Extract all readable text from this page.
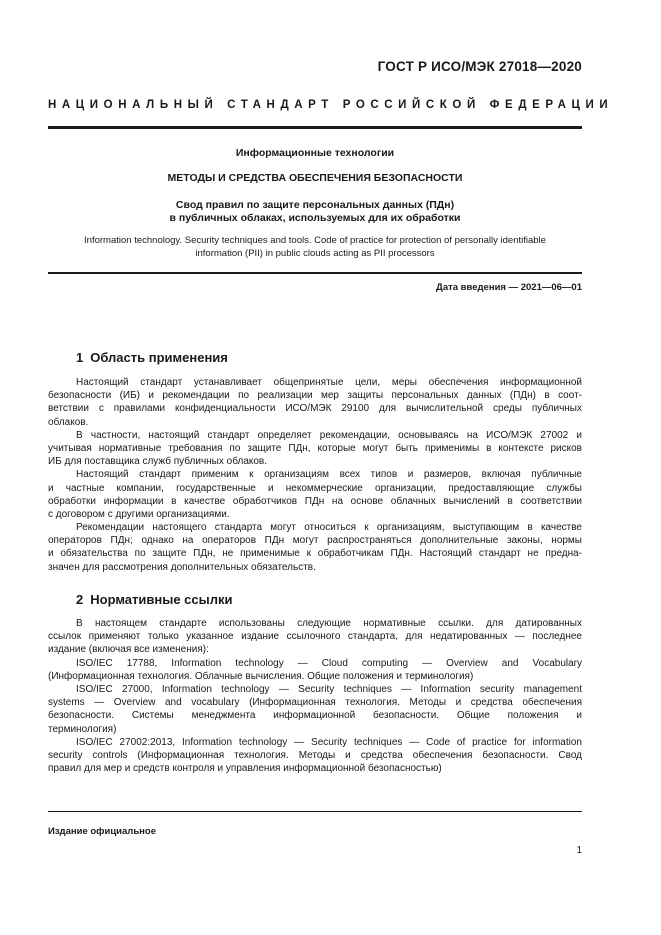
ГОСТ Р ИСО/МЭК 27018—2020
НАЦИОНАЛЬНЫЙ СТАНДАРТ РОССИЙСКОЙ ФЕДЕРАЦИИ
Информационные технологии
МЕТОДЫ И СРЕДСТВА ОБЕСПЕЧЕНИЯ БЕЗОПАСНОСТИ
Свод правил по защите персональных данных (ПДн)
в публичных облаках, используемых для их обработки
Information technology. Security techniques and tools. Code of practice for protection of personally identifiable
information (PII) in public clouds acting as PII processors
Дата введения — 2021—06—01
1 Область применения
Настоящий стандарт устанавливает общепринятые цели, меры обеспечения информационной
безопасности (ИБ) и рекомендации по реализации мер защиты персональных данных (ПДн) в соот-
ветствии с правилами конфиденциальности ИСО/МЭК 29100 для вычислительной среды публичных
облаков.
В частности, настоящий стандарт определяет рекомендации, основываясь на ИСО/МЭК 27002 и
учитывая нормативные требования по защите ПДн, которые могут быть применимы в контексте рисков
ИБ для поставщика служб публичных облаков.
Настоящий стандарт применим к организациям всех типов и размеров, включая публичные
и частные компании, государственные и некоммерческие организации, предоставляющие службы
обработки информации в качестве обработчиков ПДн на основе облачных вычислений в соответствии
с договором с другими организациями.
Рекомендации настоящего стандарта могут относиться к организациям, выступающим в качестве
операторов ПДн; однако на операторов ПДн могут распространяться дополнительные законы, нормы
и обязательства по защите ПДн, не применимые к обработчикам ПДн. Настоящий стандарт не предна-
значен для рассмотрения дополнительных обязательств.
2 Нормативные ссылки
В настоящем стандарте использованы следующие нормативные ссылки. для датированных
ссылок применяют только указанное издание ссылочного стандарта, для недатированных — последнее
издание (включая все изменения):
ISO/IEC 17788, Information technology — Cloud computing — Overview and Vocabulary
(Информационная технология. Облачные вычисления. Общие положения и терминология)
ISO/IEC 27000, Information technology — Security techniques — Information security management
systems — Overview and vocabulary (Информационная технология. Методы и средства обеспечения
безопасности. Системы менеджмента информационной безопасности. Общие положения и
терминология)
ISO/IEC 27002:2013, Information technology — Security techniques — Code of practice for information
security controls (Информационная технология. Методы и средства обеспечения безопасности. Свод
правил для мер и средств контроля и управления информационной безопасностью)
Издание официальное
1
